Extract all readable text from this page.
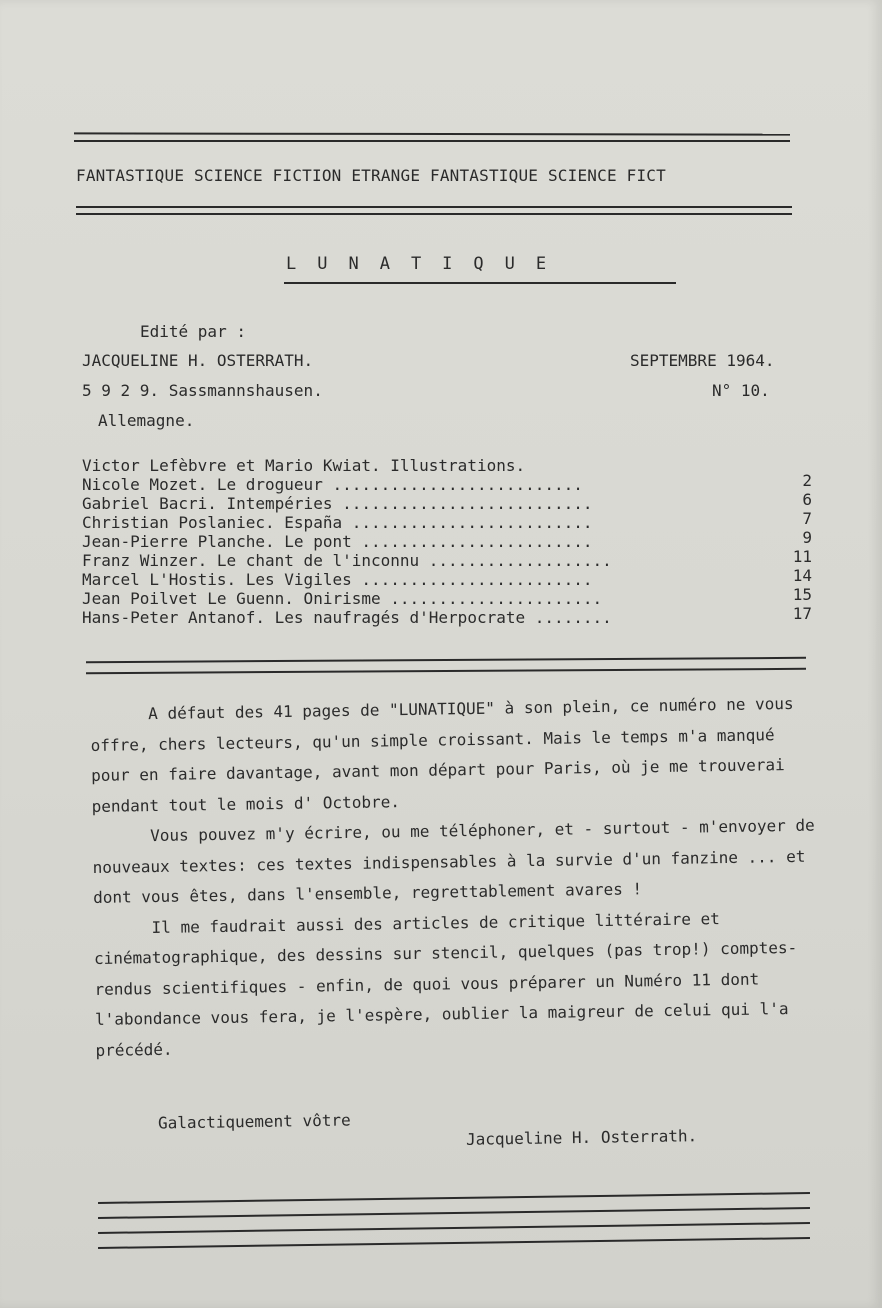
FANTASTIQUE SCIENCE FICTION ETRANGE FANTASTIQUE SCIENCE FICT
LUNATIQUE
Edité par :
JACQUELINE H. OSTERRATH.
5 9 2 9. Sassmannshausen.
Allemagne.
SEPTEMBRE 1964.
N° 10.
Victor Lefèbvre et Mario Kwiat. Illustrations.
Nicole Mozet. Le drogueur ..........................	2
Gabriel Bacri. Intempéries ..........................	6
Christian Poslaniec. España .........................	7
Jean-Pierre Planche. Le pont ........................	9
Franz Winzer. Le chant de l'inconnu ...................	11
Marcel L'Hostis. Les Vigiles ........................	14
Jean Poilvet Le Guenn. Onirisme ......................	15
Hans-Peter Antanof. Les naufragés d'Herpocrate ........	17

A défaut des 41 pages de "LUNATIQUE" à son plein, ce numéro ne vous offre, chers lecteurs, qu'un simple croissant. Mais le temps m'a manqué pour en faire davantage, avant mon départ pour Paris, où je me trouverai pendant tout le mois d' Octobre.

Vous pouvez m'y écrire, ou me téléphoner, et - surtout - m'envoyer de nouveaux textes: ces textes indispensables à la survie d'un fanzine ... et dont vous êtes, dans l'ensemble, regrettablement avares !

Il me faudrait aussi des articles de critique littéraire et cinématographique, des dessins sur stencil, quelques (pas trop!) comptes-rendus scientifiques - enfin, de quoi vous préparer un Numéro 11 dont l'abondance vous fera, je l'espère, oublier la maigreur de celui qui l'a précédé.

Galactiquement vôtre
Jacqueline H. Osterrath.
